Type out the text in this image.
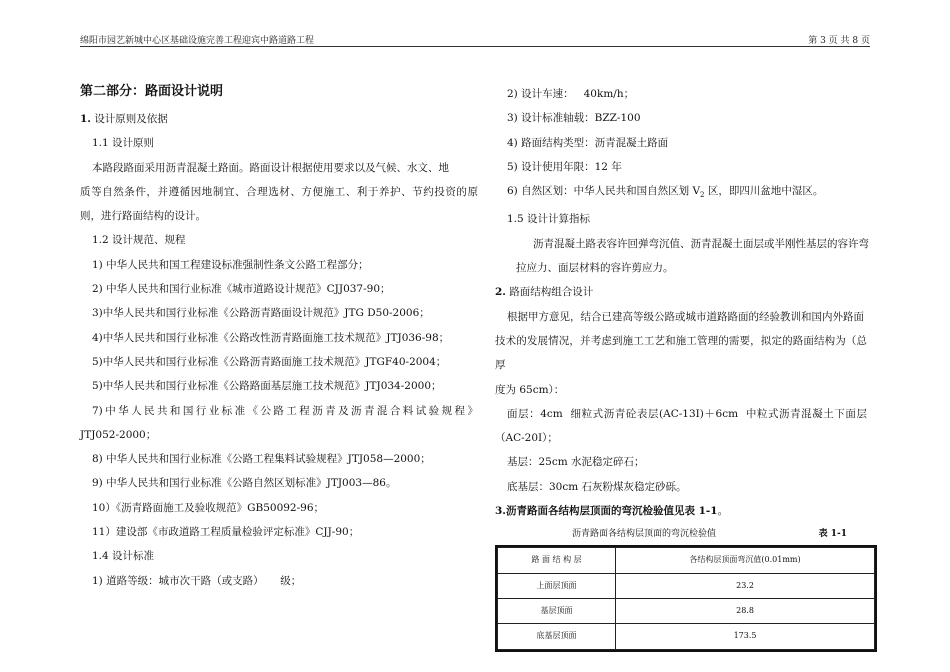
绵阳市园艺新城中心区基础设施完善工程迎宾中路道路工程	第 3 页 共 8 页
第二部分：路面设计说明
1. 设计原则及依据
1.1 设计原则
本路段路面采用沥青混凝土路面。路面设计根据使用要求以及气候、水文、地
质等自然条件，并遵循因地制宜、合理选材、方便施工、利于养护、节约投资的原
则，进行路面结构的设计。
1.2 设计规范、规程
1) 中华人民共和国工程建设标准强制性条文公路工程部分；
2) 中华人民共和国行业标准《城市道路设计规范》CJJ037-90；
3)中华人民共和国行业标准《公路沥青路面设计规范》JTG D50-2006；
4)中华人民共和国行业标准《公路改性沥青路面施工技术规范》JTJ036-98；
5)中华人民共和国行业标准《公路沥青路面施工技术规范》JTGF40-2004；
5)中华人民共和国行业标准《公路路面基层施工技术规范》JTJ034-2000；
7)中华人民共和国行业标准《公路工程沥青及沥青混合料试验规程》
JTJ052-2000；
8) 中华人民共和国行业标准《公路工程集料试验规程》JTJ058—2000；
9) 中华人民共和国行业标准《公路自然区划标准》JTJ003—86。
10）《沥青路面施工及验收规范》GB50092-96；
11）建设部《市政道路工程质量检验评定标准》CJJ-90；
1.4 设计标准
1) 道路等级：城市次干路（或支路）     级；
2) 设计车速：   40km/h；
3) 设计标准轴载：BZZ-100
4) 路面结构类型：沥青混凝土路面
5) 设计使用年限：12 年
6) 自然区划：中华人民共和国自然区划 $V_2$ 区，即四川盆地中湿区。
1.5 设计计算指标
沥青混凝土路表容许回弹弯沉值、沥青混凝土面层或半刚性基层的容许弯
拉应力、面层材料的容许剪应力。
2. 路面结构组合设计
根据甲方意见，结合已建高等级公路或城市道路路面的经验教训和国内外路面
技术的发展情况，并考虑到施工工艺和施工管理的需要，拟定的路面结构为（总厚
度为 65cm）：
面层：4cm  细粒式沥青砼表层(AC-13I)＋6cm  中粒式沥青混凝土下面层
（AC-20I）；
基层：25cm 水泥稳定碎石；
底基层：30cm 石灰粉煤灰稳定砂砾。
3.沥青路面各结构层顶面的弯沉检验值见表 1-1。
沥青路面各结构层顶面的弯沉检验值	表 1-1
路 面 结 构 层	各结构层顶面弯沉值(0.01mm)
上面层顶面	23.2
基层顶面	28.8
底基层顶面	173.5
